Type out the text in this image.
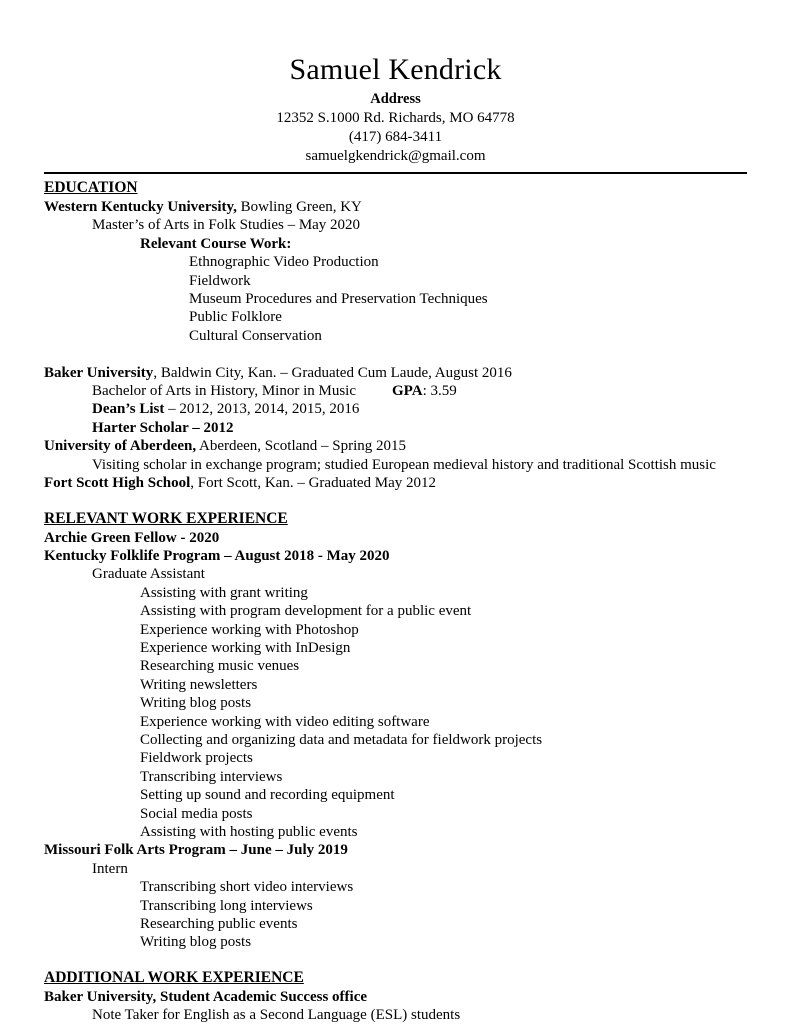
Samuel Kendrick
Address
12352 S.1000 Rd. Richards, MO 64778
(417) 684-3411
samuelgkendrick@gmail.com
EDUCATION
Western Kentucky University, Bowling Green, KY
Master’s of Arts in Folk Studies – May 2020
Relevant Course Work:
Ethnographic Video Production
Fieldwork
Museum Procedures and Preservation Techniques
Public Folklore
Cultural Conservation

Baker University, Baldwin City, Kan. – Graduated Cum Laude, August 2016
Bachelor of Arts in History, Minor in Music	GPA: 3.59
Dean’s List – 2012, 2013, 2014, 2015, 2016
Harter Scholar – 2012
University of Aberdeen, Aberdeen, Scotland – Spring 2015
Visiting scholar in exchange program; studied European medieval history and traditional Scottish music
Fort Scott High School, Fort Scott, Kan. – Graduated May 2012
RELEVANT WORK EXPERIENCE
Archie Green Fellow - 2020
Kentucky Folklife Program – August 2018 - May 2020
Graduate Assistant
Assisting with grant writing
Assisting with program development for a public event
Experience working with Photoshop
Experience working with InDesign
Researching music venues
Writing newsletters
Writing blog posts
Experience working with video editing software
Collecting and organizing data and metadata for fieldwork projects
Fieldwork projects
Transcribing interviews
Setting up sound and recording equipment
Social media posts
Assisting with hosting public events
Missouri Folk Arts Program – June – July 2019
Intern
Transcribing short video interviews
Transcribing long interviews
Researching public events
Writing blog posts
ADDITIONAL WORK EXPERIENCE
Baker University, Student Academic Success office
Note Taker for English as a Second Language (ESL) students
